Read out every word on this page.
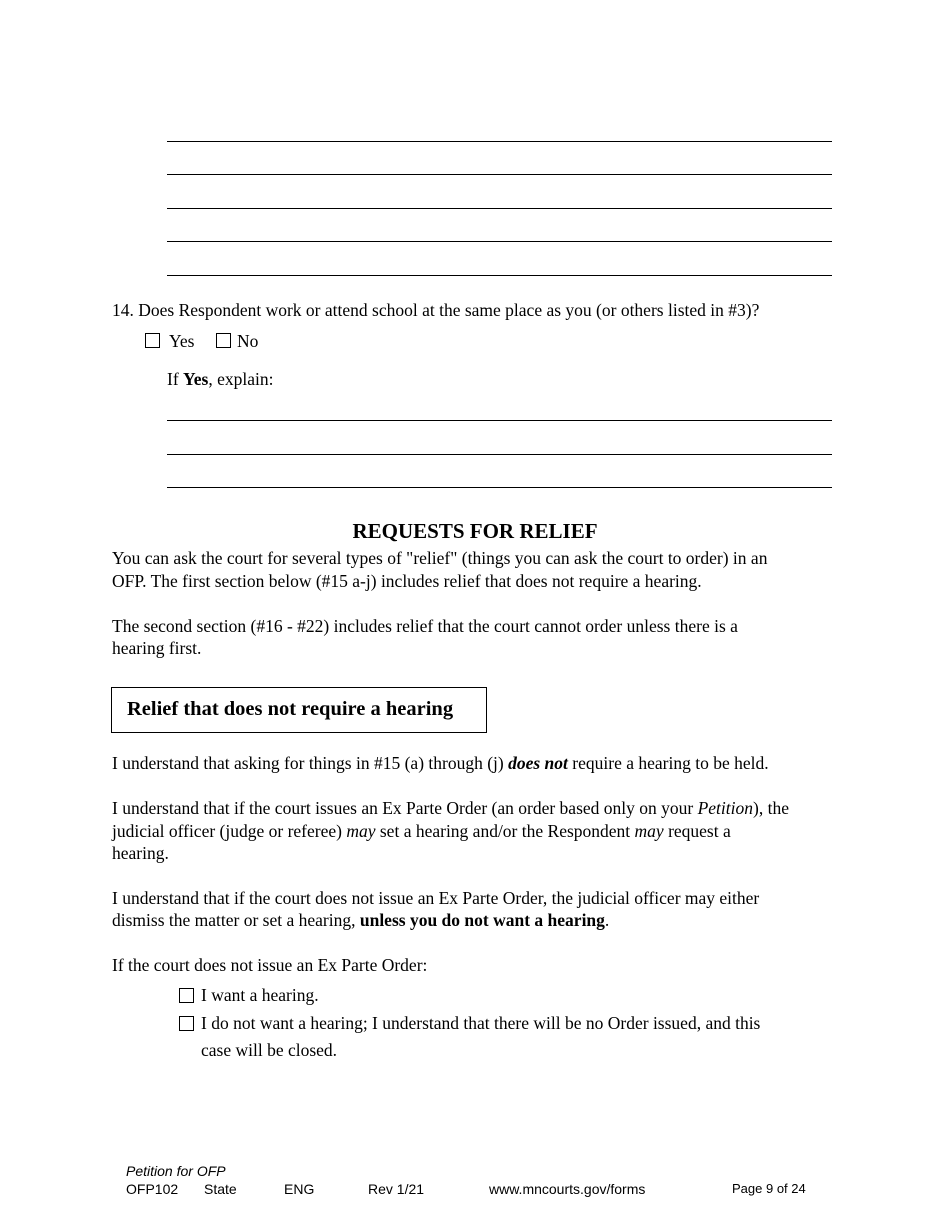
14. Does Respondent work or attend school at the same place as you (or others listed in #3)?
Yes No
If Yes, explain:
REQUESTS FOR RELIEF
You can ask the court for several types of "relief" (things you can ask the court to order) in an
OFP. The first section below (#15 a-j) includes relief that does not require a hearing.
The second section (#16 - #22) includes relief that the court cannot order unless there is a
hearing first.
Relief that does not require a hearing
I understand that asking for things in #15 (a) through (j) does not require a hearing to be held.
I understand that if the court issues an Ex Parte Order (an order based only on your Petition), the
judicial officer (judge or referee) may set a hearing and/or the Respondent may request a
hearing.
I understand that if the court does not issue an Ex Parte Order, the judicial officer may either
dismiss the matter or set a hearing, unless you do not want a hearing.
If the court does not issue an Ex Parte Order:
I want a hearing.
I do not want a hearing; I understand that there will be no Order issued, and this
case will be closed.
Petition for OFP
OFP102 State	ENG	Rev 1/21	www.mncourts.gov/forms	Page 9 of 24
